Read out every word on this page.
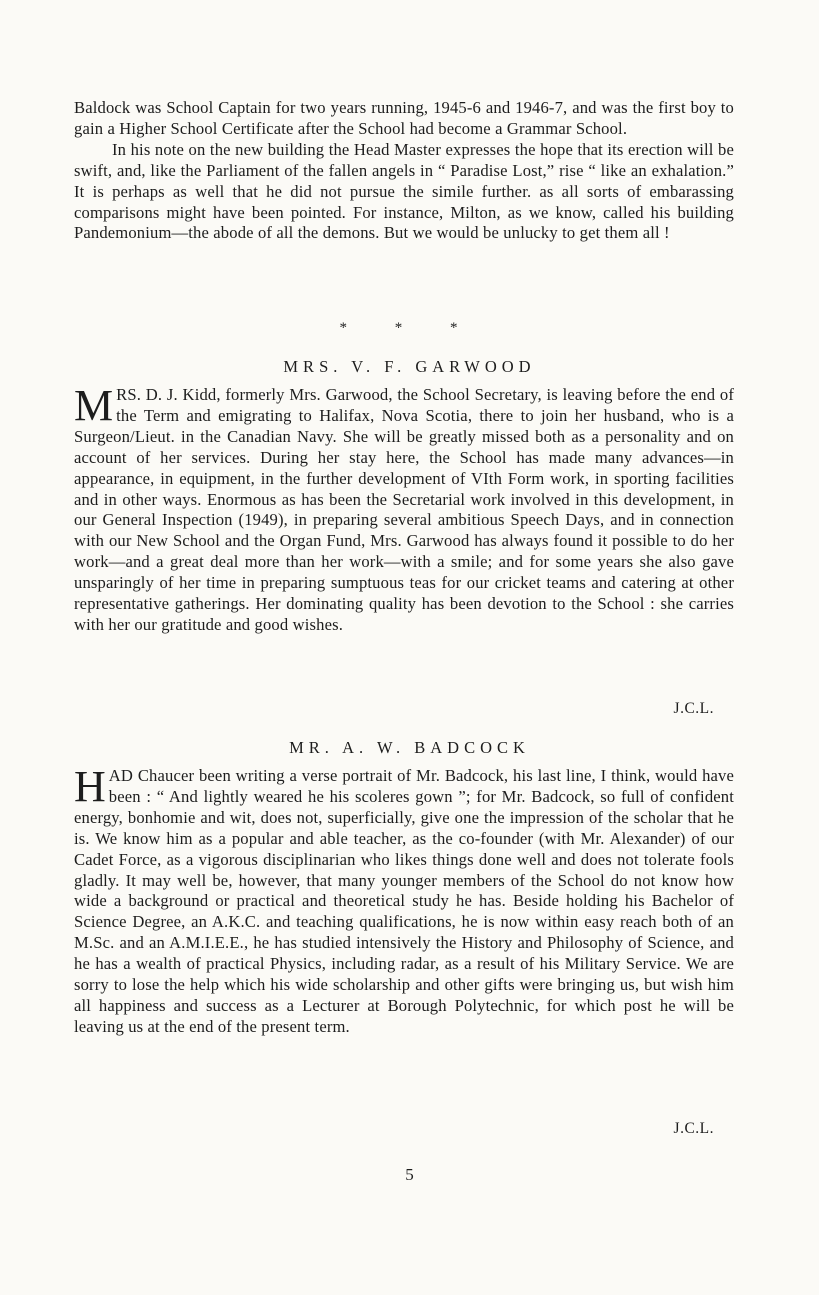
Baldock was School Captain for two years running, 1945-6 and 1946-7, and was the first boy to gain a Higher School Certificate after the School had become a Grammar School.

In his note on the new building the Head Master expresses the hope that its erection will be swift, and, like the Parliament of the fallen angels in “ Paradise Lost,” rise “ like an exhalation.” It is perhaps as well that he did not pursue the simile further. as all sorts of embarassing comparisons might have been pointed. For instance, Milton, as we know, called his building Pandemonium—the abode of all the demons. But we would be unlucky to get them all !

* * *
MRS. V. F. GARWOOD

MRS. D. J. Kidd, formerly Mrs. Garwood, the School Secretary, is leaving before the end of the Term and emigrating to Halifax, Nova Scotia, there to join her husband, who is a Surgeon/Lieut. in the Canadian Navy. She will be greatly missed both as a personality and on account of her services. During her stay here, the School has made many advances—in appearance, in equipment, in the further development of VIth Form work, in sporting facilities and in other ways. Enormous as has been the Secretarial work involved in this development, in our General Inspection (1949), in preparing several ambitious Speech Days, and in connection with our New School and the Organ Fund, Mrs. Garwood has always found it possible to do her work—and a great deal more than her work—with a smile; and for some years she also gave unsparingly of her time in preparing sumptuous teas for our cricket teams and catering at other representative gatherings. Her dominating quality has been devotion to the School : she carries with her our gratitude and good wishes.

J.C.L.
MR. A. W. BADCOCK

HAD Chaucer been writing a verse portrait of Mr. Badcock, his last line, I think, would have been : “ And lightly weared he his scoleres gown ”; for Mr. Badcock, so full of confident energy, bonhomie and wit, does not, superficially, give one the impression of the scholar that he is. We know him as a popular and able teacher, as the co-founder (with Mr. Alexander) of our Cadet Force, as a vigorous disciplinarian who likes things done well and does not tolerate fools gladly. It may well be, however, that many younger members of the School do not know how wide a background or practical and theoretical study he has. Beside holding his Bachelor of Science Degree, an A.K.C. and teaching qualifications, he is now within easy reach both of an M.Sc. and an A.M.I.E.E., he has studied intensively the History and Philosophy of Science, and he has a wealth of practical Physics, including radar, as a result of his Military Service. We are sorry to lose the help which his wide scholarship and other gifts were bringing us, but wish him all happiness and success as a Lecturer at Borough Polytechnic, for which post he will be leaving us at the end of the present term.

J.C.L.
5
